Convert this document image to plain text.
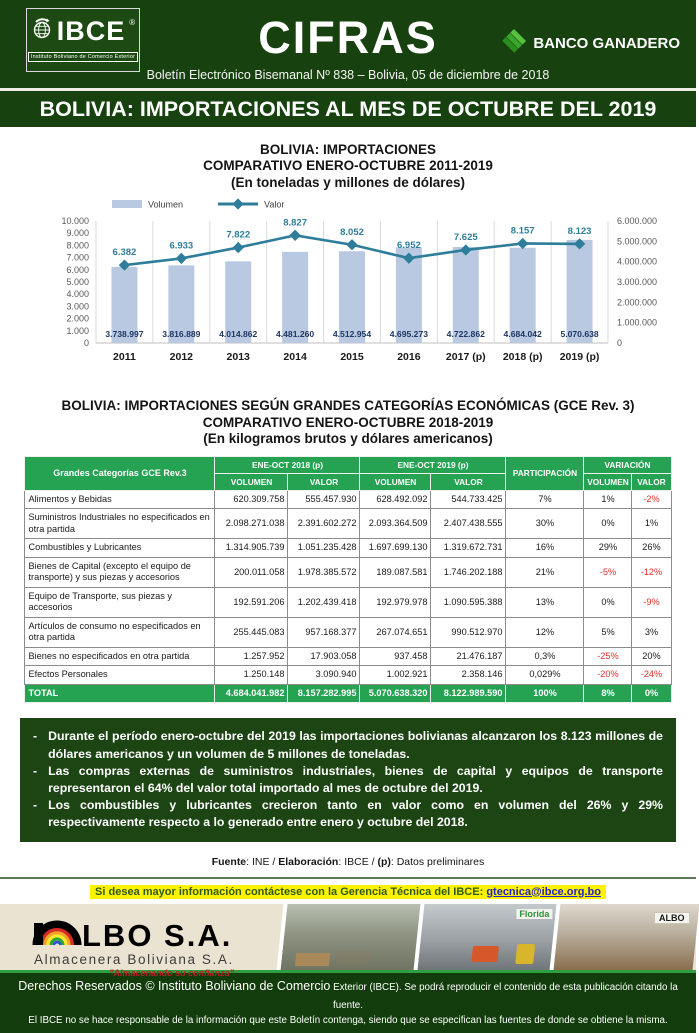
IBCE ®
Instituto Boliviano de Comercio Exterior	CIFRAS	BANCO GANADERO
Boletín Electrónico Bisemanal Nº 838 – Bolivia, 05 de diciembre de 2018
BOLIVIA: IMPORTACIONES AL MES DE OCTUBRE DEL 2019
BOLIVIA: IMPORTACIONES
COMPARATIVO ENERO-OCTUBRE 2011-2019
(En toneladas y millones de dólares)
0
1.000
2.000
3.000
4.000
5.000
6.000
7.000
8.000
9.000
10.000
0
1.000.000
2.000.000
3.000.000
4.000.000
5.000.000
6.000.000
6.382
6.933
7.822
8.827
8.052
6.952
7.625
8.157	8.123
3.738.997 3.816.889 4.014.862 4.481.260 4.512.954 4.695.273 4.722.862 4.684.042 5.070.638
2011	2012	2013	2014	2015	2016 2017 (p) 2018 (p) 2019 (p)
Volumen	Valor
BOLIVIA: IMPORTACIONES SEGÚN GRANDES CATEGORÍAS ECONÓMICAS (GCE Rev. 3)
COMPARATIVO ENERO-OCTUBRE 2018-2019
(En kilogramos brutos y dólares americanos)
Grandes Categorías GCE Rev.3	ENE-OCT 2018 (p)		ENE-OCT 2019 (p)		PARTICIPACIÓN	VARIACIÓN	
	VOLUMEN	VALOR	VOLUMEN	VALOR		VOLUMEN	VALOR
Alimentos y Bebidas	620.309.758	555.457.930	628.492.092	544.733.425	7%	1%	-2%
Suministros Industriales no especificados en otra partida	2.098.271.038	2.391.602.272	2.093.364.509	2.407.438.555	30%	0%	1%
Combustibles y Lubricantes	1.314.905.739	1.051.235.428	1.697.699.130	1.319.672.731	16%	29%	26%
Bienes de Capital (excepto el equipo de transporte) y sus piezas y accesorios	200.011.058	1.978.385.572	189.087.581	1.746.202.188	21%	-5%	-12%
Equipo de Transporte, sus piezas y accesorios	192.591.206	1.202.439.418	192.979.978	1.090.595.388	13%	0%	-9%
Artículos de consumo no especificados en otra partida	255.445.083	957.168.377	267.074.651	990.512.970	12%	5%	3%
Bienes no especificados en otra partida	1.257.952	17.903.058	937.458	21.476.187	0,3%	-25%	20%
Efectos Personales	1.250.148	3.090.940	1.002.921	2.358.146	0,029%	-20%	-24%
TOTAL	4.684.041.982	8.157.282.995	5.070.638.320	8.122.989.590	100%	8%	0%
- Durante el período enero-octubre del 2019 las importaciones bolivianas alcanzaron los 8.123 millones de dólares americanos y un volumen de 5 millones de toneladas.
- Las compras externas de suministros industriales, bienes de capital y equipos de transporte representaron el 64% del valor total importado al mes de octubre del 2019.
- Los combustibles y lubricantes crecieron tanto en valor como en volumen del 26% y 29% respectivamente respecto a lo generado entre enero y octubre del 2018.
Fuente: INE / Elaboración: IBCE / (p): Datos preliminares
Si desea mayor información contáctese con la Gerencia Técnica del IBCE: gtecnica@ibce.org.bo
LBO S.A.
Almacenera Boliviana S.A.
"Almacenando su confianza"
Florida	ALBO
Derechos Reservados © Instituto Boliviano de Comercio Exterior (IBCE). Se podrá reproducir el contenido de esta publicación citando la fuente.
El IBCE no se hace responsable de la información que este Boletín contenga, siendo que se especifican las fuentes de donde se obtiene la misma.
